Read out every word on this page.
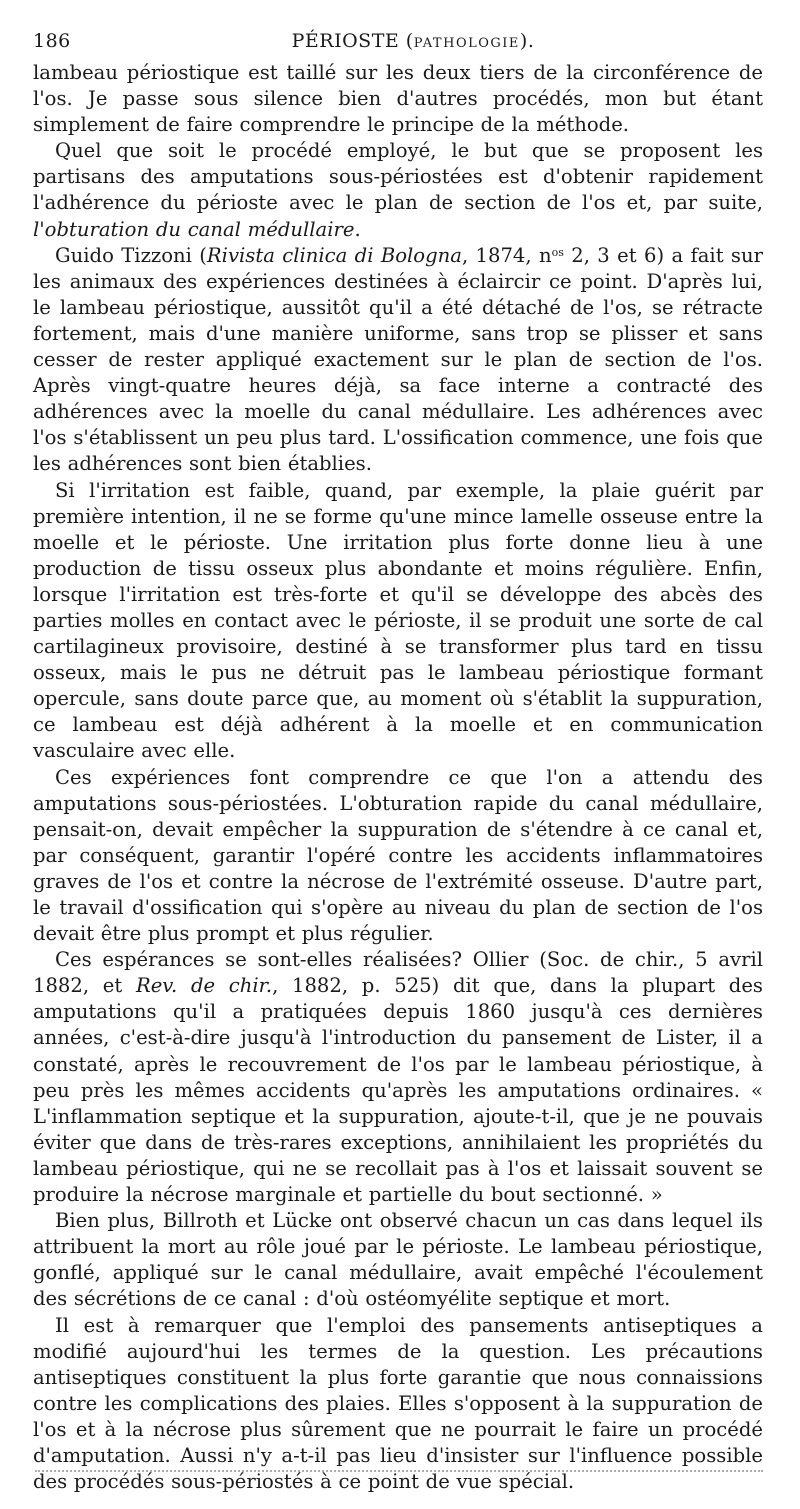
186	PÉRIOSTE (PATHOLOGIE).

lambeau périostique est taillé sur les deux tiers de la circonférence de l'os. Je passe sous silence bien d'autres procédés, mon but étant simplement de faire comprendre le principe de la méthode.

Quel que soit le procédé employé, le but que se proposent les partisans des amputations sous-périostées est d'obtenir rapidement l'adhérence du périoste avec le plan de section de l'os et, par suite, l'obturation du canal médullaire.

Guido Tizzoni (Rivista clinica di Bologna, 1874, $n^{os}$ 2, 3 et 6) a fait sur les animaux des expériences destinées à éclaircir ce point. D'après lui, le lambeau périostique, aussitôt qu'il a été détaché de l'os, se rétracte fortement, mais d'une manière uniforme, sans trop se plisser et sans cesser de rester appliqué exactement sur le plan de section de l'os. Après vingt-quatre heures déjà, sa face interne a contracté des adhérences avec la moelle du canal médullaire. Les adhérences avec l'os s'établissent un peu plus tard. L'ossification commence, une fois que les adhérences sont bien établies.

Si l'irritation est faible, quand, par exemple, la plaie guérit par première intention, il ne se forme qu'une mince lamelle osseuse entre la moelle et le périoste. Une irritation plus forte donne lieu à une production de tissu osseux plus abondante et moins régulière. Enfin, lorsque l'irritation est très-forte et qu'il se développe des abcès des parties molles en contact avec le périoste, il se produit une sorte de cal cartilagineux provisoire, destiné à se transformer plus tard en tissu osseux, mais le pus ne détruit pas le lambeau périostique formant opercule, sans doute parce que, au moment où s'établit la suppuration, ce lambeau est déjà adhérent à la moelle et en communication vasculaire avec elle.

Ces expériences font comprendre ce que l'on a attendu des amputations sous-périostées. L'obturation rapide du canal médullaire, pensait-on, devait empêcher la suppuration de s'étendre à ce canal et, par conséquent, garantir l'opéré contre les accidents inflammatoires graves de l'os et contre la nécrose de l'extrémité osseuse. D'autre part, le travail d'ossification qui s'opère au niveau du plan de section de l'os devait être plus prompt et plus régulier.

Ces espérances se sont-elles réalisées? Ollier (Soc. de chir., 5 avril 1882, et Rev. de chir., 1882, p. 525) dit que, dans la plupart des amputations qu'il a pratiquées depuis 1860 jusqu'à ces dernières années, c'est-à-dire jusqu'à l'introduction du pansement de Lister, il a constaté, après le recouvrement de l'os par le lambeau périostique, à peu près les mêmes accidents qu'après les amputations ordinaires. « L'inflammation septique et la suppuration, ajoute-t-il, que je ne pouvais éviter que dans de très-rares exceptions, annihilaient les propriétés du lambeau périostique, qui ne se recollait pas à l'os et laissait souvent se produire la nécrose marginale et partielle du bout sectionné. »

Bien plus, Billroth et Lücke ont observé chacun un cas dans lequel ils attribuent la mort au rôle joué par le périoste. Le lambeau périostique, gonflé, appliqué sur le canal médullaire, avait empêché l'écoulement des sécrétions de ce canal : d'où ostéomyélite septique et mort.

Il est à remarquer que l'emploi des pansements antiseptiques a modifié aujourd'hui les termes de la question. Les précautions antiseptiques constituent la plus forte garantie que nous connaissions contre les complications des plaies. Elles s'opposent à la suppuration de l'os et à la nécrose plus sûrement que ne pourrait le faire un procédé d'amputation. Aussi n'y a-t-il pas lieu d'insister sur l'influence possible des procédés sous-périostés à ce point de vue spécial.
